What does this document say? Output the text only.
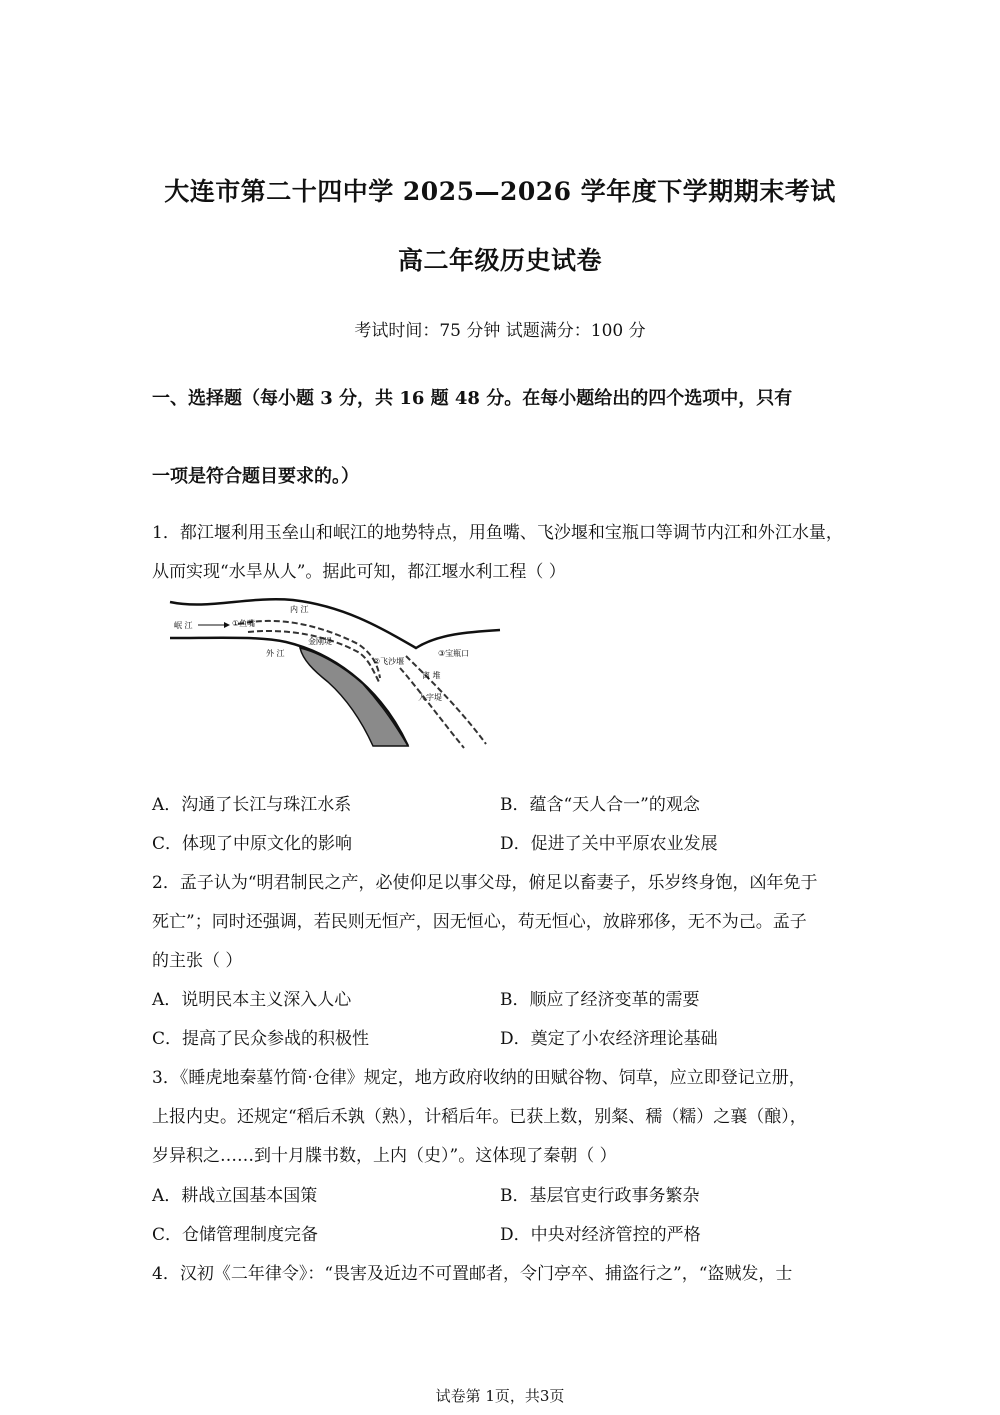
大连市第二十四中学 2025—2026 学年度下学期期末考试
高二年级历史试卷
考试时间：75 分钟 试题满分：100 分
一、选择题（每小题 3 分，共 16 题 48 分。在每小题给出的四个选项中，只有
一项是符合题目要求的。）
1．都江堰利用玉垒山和岷江的地势特点，用鱼嘴、飞沙堰和宝瓶口等调节内江和外江水量，
从而实现“水旱从人”。据此可知，都江堰水利工程（ ）
岷 江	①鱼嘴
内 江
金刚堤
②飞沙堰
③宝瓶口
外 江
离 堆
人字堤
A．沟通了长江与珠江水系	B．蕴含“天人合一”的观念
C．体现了中原文化的影响	D．促进了关中平原农业发展
2．孟子认为“明君制民之产，必使仰足以事父母，俯足以畜妻子，乐岁终身饱，凶年免于
死亡”；同时还强调，若民则无恒产，因无恒心，苟无恒心，放辟邪侈，无不为己。孟子
的主张（ ）
A．说明民本主义深入人心	B．顺应了经济变革的需要
C．提高了民众参战的积极性	D．奠定了小农经济理论基础
3．《睡虎地秦墓竹简·仓律》规定，地方政府收纳的田赋谷物、饲草，应立即登记立册，
上报内史。还规定“稻后禾孰（熟），计稻后年。已获上数，别粲、穤（糯）之襄（酿），
岁异积之……到十月牒书数，上内（史）”。这体现了秦朝（ ）
A．耕战立国基本国策	B．基层官吏行政事务繁杂
C．仓储管理制度完备	D．中央对经济管控的严格
4．汉初《二年律令》：“畏害及近边不可置邮者，令门亭卒、捕盗行之”，“盗贼发，士
试卷第 1页，共3页
